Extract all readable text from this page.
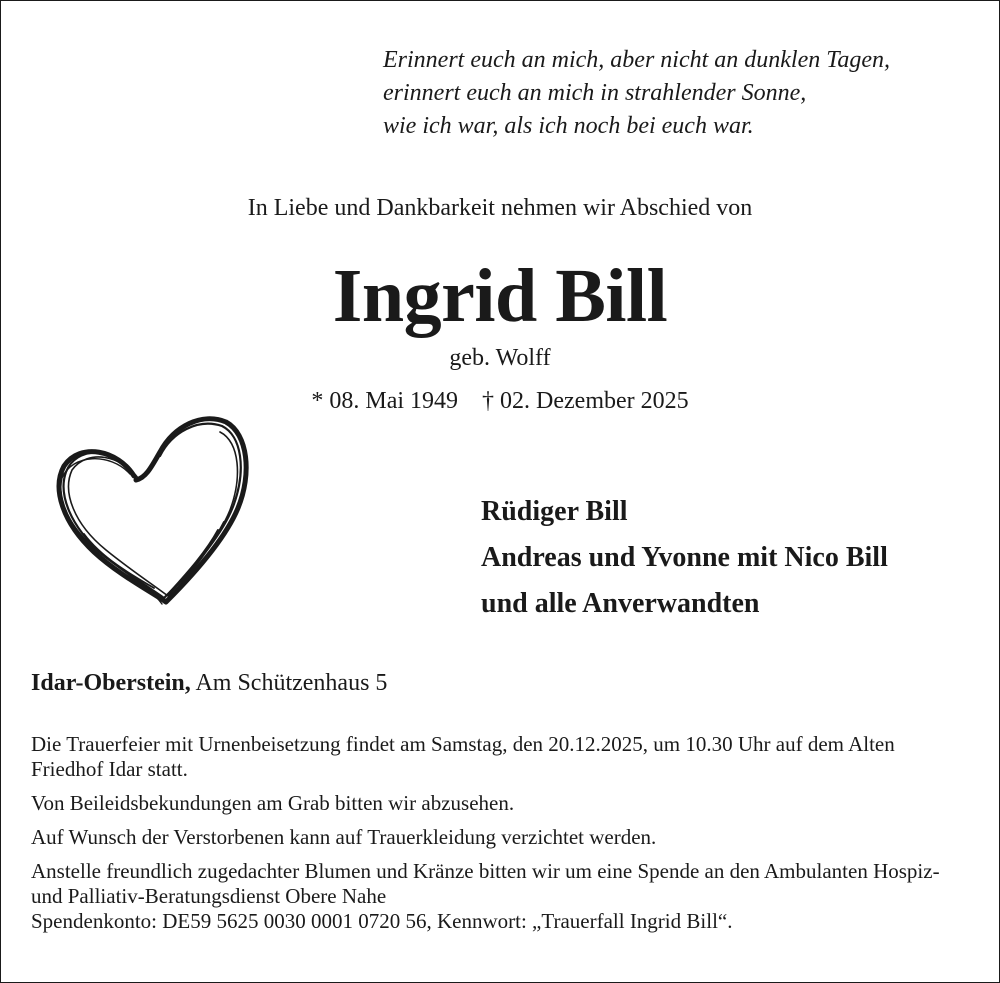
Erinnert euch an mich, aber nicht an dunklen Tagen,
erinnert euch an mich in strahlender Sonne,
wie ich war, als ich noch bei euch war.
In Liebe und Dankbarkeit nehmen wir Abschied von
Ingrid Bill
geb. Wolff
* 08. Mai 1949 † 02. Dezember 2025
Rüdiger Bill
Andreas und Yvonne mit Nico Bill
und alle Anverwandten
Idar-Oberstein, Am Schützenhaus 5

Die Trauerfeier mit Urnenbeisetzung findet am Samstag, den 20.12.2025, um 10.30 Uhr auf dem Alten Friedhof Idar statt.

Von Beileidsbekundungen am Grab bitten wir abzusehen.

Auf Wunsch der Verstorbenen kann auf Trauerkleidung verzichtet werden.

Anstelle freundlich zugedachter Blumen und Kränze bitten wir um eine Spende an den Ambulanten Hospiz- und Palliativ-Beratungsdienst Obere Nahe
Spendenkonto: DE59 5625 0030 0001 0720 56, Kennwort: „Trauerfall Ingrid Bill“.
